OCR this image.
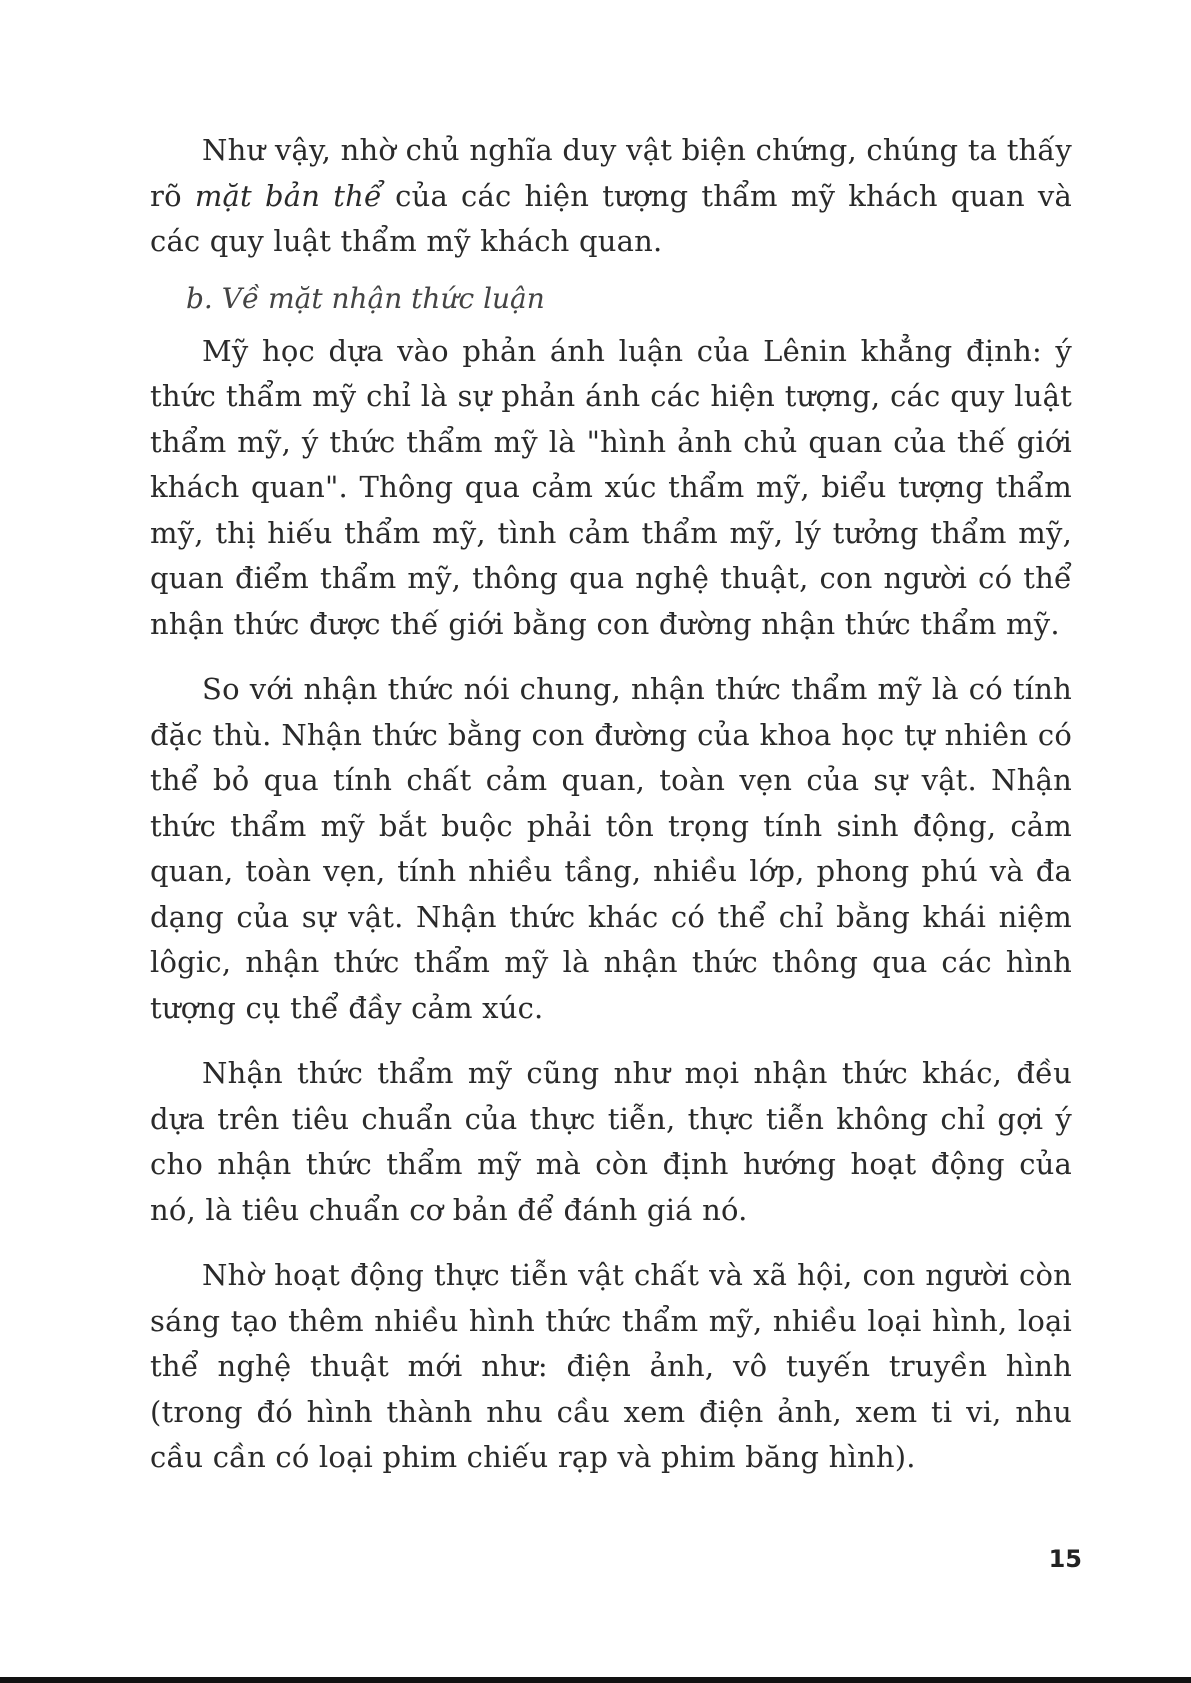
Như vậy, nhờ chủ nghĩa duy vật biện chứng, chúng ta thấy rõ mặt bản thể của các hiện tượng thẩm mỹ khách quan và các quy luật thẩm mỹ khách quan.

b. Về mặt nhận thức luận

Mỹ học dựa vào phản ánh luận của Lênin khẳng định: ý thức thẩm mỹ chỉ là sự phản ánh các hiện tượng, các quy luật thẩm mỹ, ý thức thẩm mỹ là "hình ảnh chủ quan của thế giới khách quan". Thông qua cảm xúc thẩm mỹ, biểu tượng thẩm mỹ, thị hiếu thẩm mỹ, tình cảm thẩm mỹ, lý tưởng thẩm mỹ, quan điểm thẩm mỹ, thông qua nghệ thuật, con người có thể nhận thức được thế giới bằng con đường nhận thức thẩm mỹ.

So với nhận thức nói chung, nhận thức thẩm mỹ là có tính đặc thù. Nhận thức bằng con đường của khoa học tự nhiên có thể bỏ qua tính chất cảm quan, toàn vẹn của sự vật. Nhận thức thẩm mỹ bắt buộc phải tôn trọng tính sinh động, cảm quan, toàn vẹn, tính nhiều tầng, nhiều lớp, phong phú và đa dạng của sự vật. Nhận thức khác có thể chỉ bằng khái niệm lôgic, nhận thức thẩm mỹ là nhận thức thông qua các hình tượng cụ thể đầy cảm xúc.

Nhận thức thẩm mỹ cũng như mọi nhận thức khác, đều dựa trên tiêu chuẩn của thực tiễn, thực tiễn không chỉ gợi ý cho nhận thức thẩm mỹ mà còn định hướng hoạt động của nó, là tiêu chuẩn cơ bản để đánh giá nó.

Nhờ hoạt động thực tiễn vật chất và xã hội, con người còn sáng tạo thêm nhiều hình thức thẩm mỹ, nhiều loại hình, loại thể nghệ thuật mới như: điện ảnh, vô tuyến truyền hình (trong đó hình thành nhu cầu xem điện ảnh, xem ti vi, nhu cầu cần có loại phim chiếu rạp và phim băng hình).

15
